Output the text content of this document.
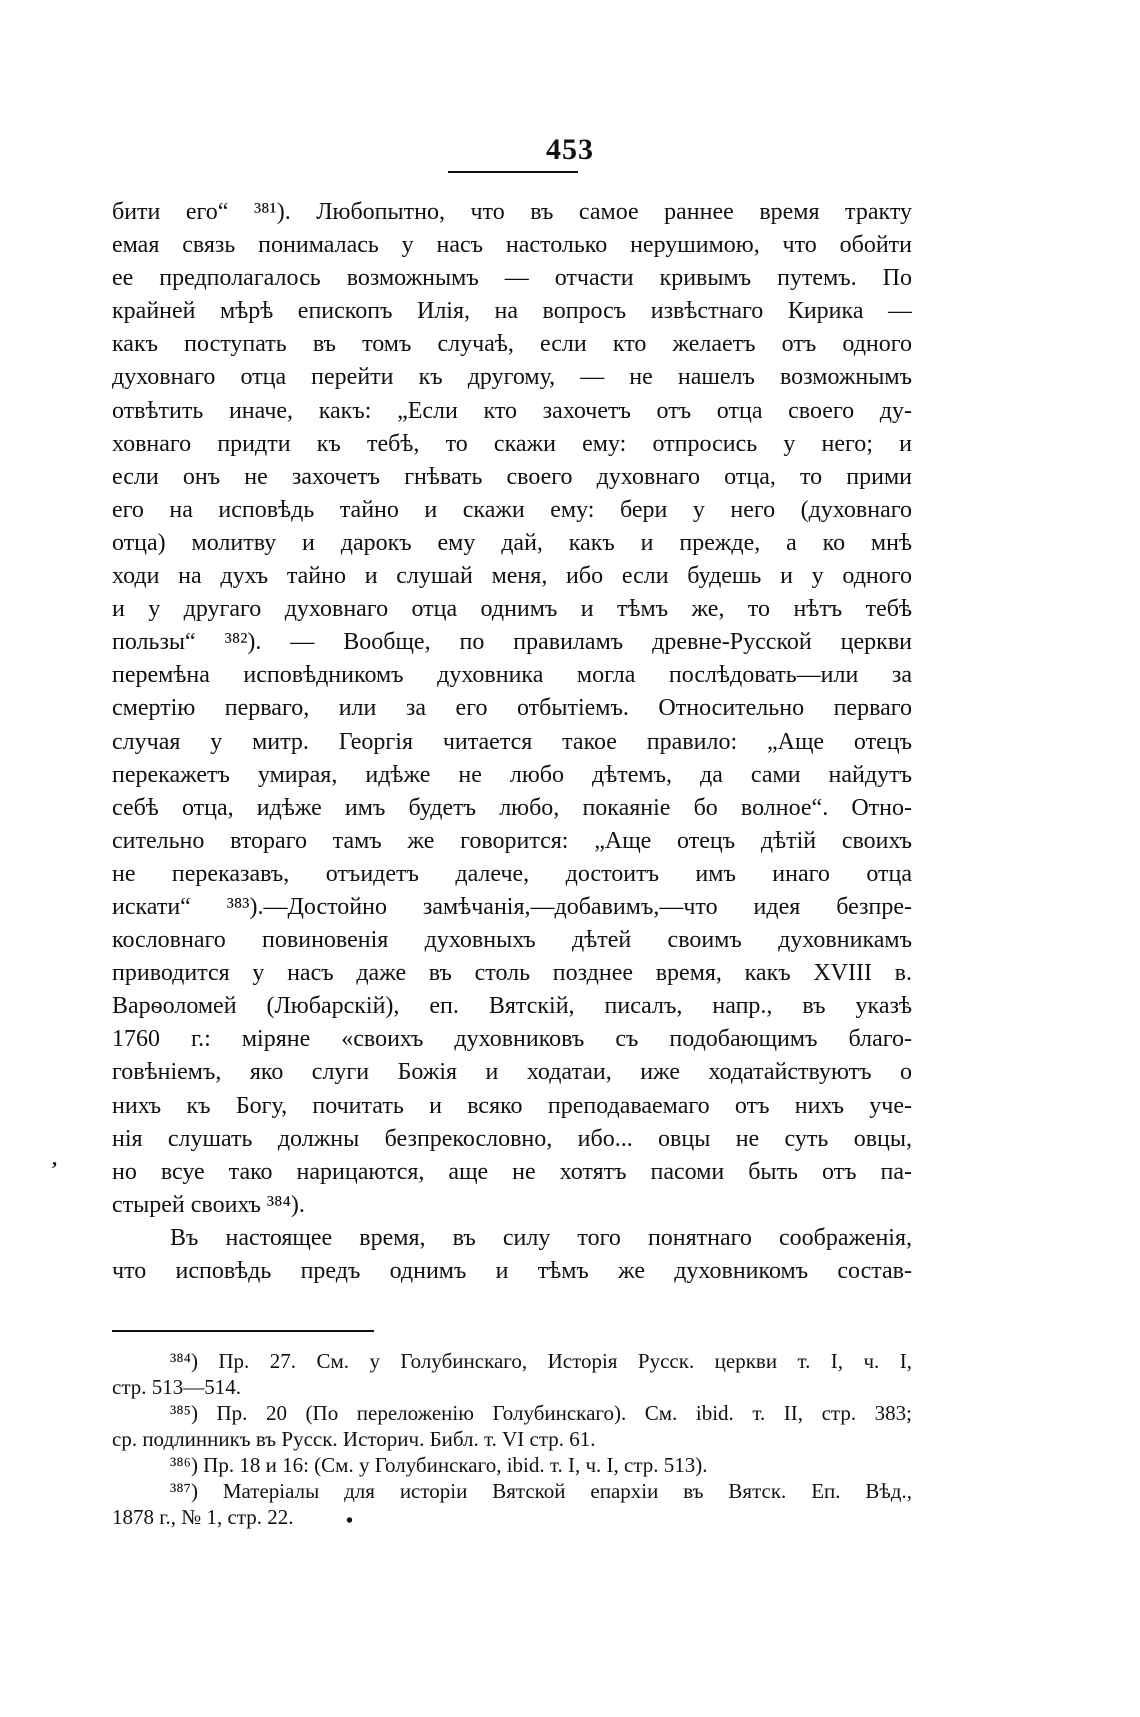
453
бити его“ ³⁸¹). Любопытно, что въ самое раннее время тракту
емая связь понималась у насъ настолько нерушимою, что обойти
ее предполагалось возможнымъ — отчасти кривымъ путемъ. По
крайней мѣрѣ епископъ Илія, на вопросъ извѣстнаго Кирика —
какъ поступать въ томъ случаѣ, если кто желаетъ отъ одного
духовнаго отца перейти къ другому, — не нашелъ возможнымъ
отвѣтить иначе, какъ: „Если кто захочетъ отъ отца своего ду-
ховнаго придти къ тебѣ, то скажи ему: отпросись у него; и
если онъ не захочетъ гнѣвать своего духовнаго отца, то прими
его на исповѣдь тайно и скажи ему: бери у него (духовнаго
отца) молитву и дарокъ ему дай, какъ и прежде, а ко мнѣ
ходи на духъ тайно и слушай меня, ибо если будешь и у одного
и у другаго духовнаго отца однимъ и тѣмъ же, то нѣтъ тебѣ
пользы“ ³⁸²). — Вообще, по правиламъ древне-Русской церкви
перемѣна исповѣдникомъ духовника могла послѣдовать—или за
смертію перваго, или за его отбытіемъ. Относительно перваго
случая у митр. Георгія читается такое правило: „Аще отецъ
перекажетъ умирая, идѣже не любо дѣтемъ, да сами найдутъ
себѣ отца, идѣже имъ будетъ любо, покаяніе бо волное“. Отно-
сительно втораго тамъ же говорится: „Аще отецъ дѣтій своихъ
не переказавъ, отъидетъ далече, достоитъ имъ инаго отца
искати“ ³⁸³).—Достойно замѣчанія,—добавимъ,—что идея безпре-
кословнаго повиновенія духовныхъ дѣтей своимъ духовникамъ
приводится у насъ даже въ столь позднее время, какъ XVIII в.
Варѳоломей (Любарскій), еп. Вятскій, писалъ, напр., въ указѣ
1760 г.: міряне «своихъ духовниковъ съ подобающимъ благо-
говѣніемъ, яко слуги Божія и ходатаи, иже ходатайствуютъ о
нихъ къ Богу, почитать и всяко преподаваемаго отъ нихъ уче-
нія слушать должны безпрекословно, ибо... овцы не суть овцы,
но всуе тако нарицаются, аще не хотятъ пасоми быть отъ па-
стырей своихъ ³⁸⁴).
Въ настоящее время, въ силу того понятнаго соображенія,
что исповѣдь предъ однимъ и тѣмъ же духовникомъ состав-
³⁸⁴) Пр. 27. См. у Голубинскаго, Исторія Русск. церкви т. I, ч. I,
стр. 513—514.
³⁸⁵) Пр. 20 (По переложенію Голубинскаго). См. ibid. т. II, стр. 383;
ср. подлинникъ въ Русск. Историч. Библ. т. VI стр. 61.
³⁸⁶) Пр. 18 и 16: (См. у Голубинскаго, ibid. т. I, ч. I, стр. 513).
³⁸⁷) Матеріалы для исторіи Вятской епархіи въ Вятск. Еп. Вѣд.,
1878 г., № 1, стр. 22.
,
•
